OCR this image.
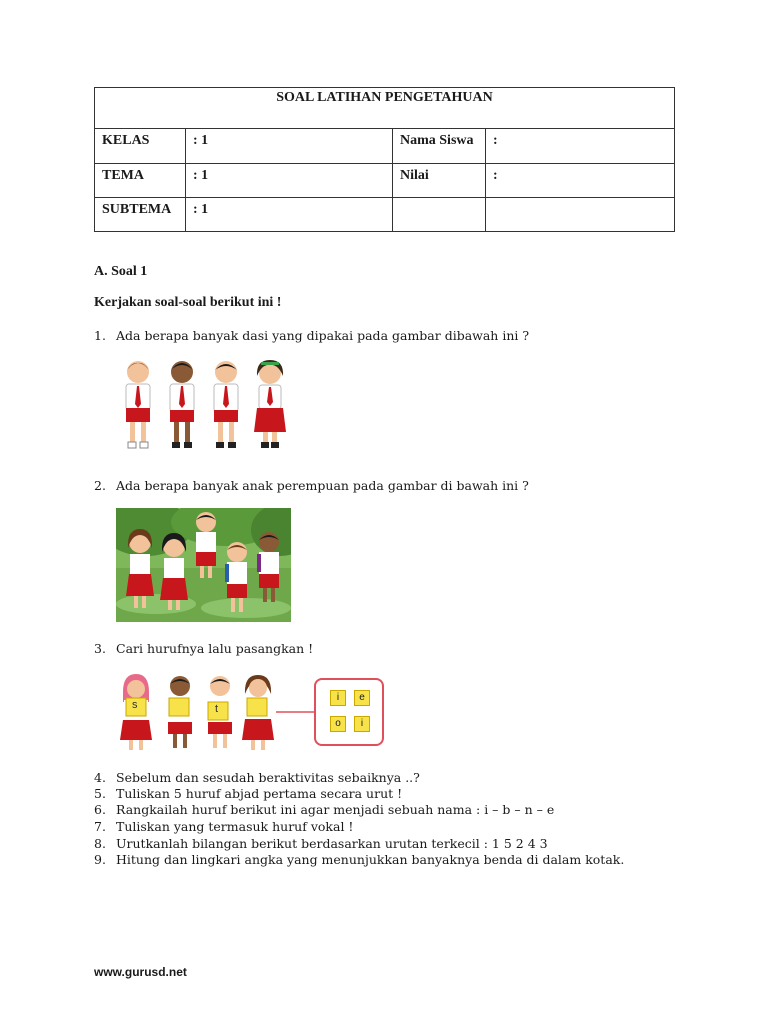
SOAL LATIHAN PENGETAHUAN			
KELAS	: 1	Nama Siswa	:
TEMA	: 1	Nilai	:
SUBTEMA	: 1		
A. Soal 1
Kerjakan soal-soal berikut ini !
1. Ada berapa banyak dasi yang dipakai pada gambar dibawah ini ?
2. Ada berapa banyak anak perempuan pada gambar di bawah ini ?
3. Cari hurufnya lalu pasangkan !
s	t
i	e
o	i
4. Sebelum dan sesudah beraktivitas sebaiknya ..?
5. Tuliskan 5 huruf abjad pertama secara urut !
6. Rangkailah huruf berikut ini agar menjadi sebuah nama : i – b – n – e
7. Tuliskan yang termasuk huruf vokal !
8. Urutkanlah bilangan berikut berdasarkan urutan terkecil : 1 5 2 4 3
9. Hitung dan lingkari angka yang menunjukkan banyaknya benda di dalam kotak.
www.gurusd.net
